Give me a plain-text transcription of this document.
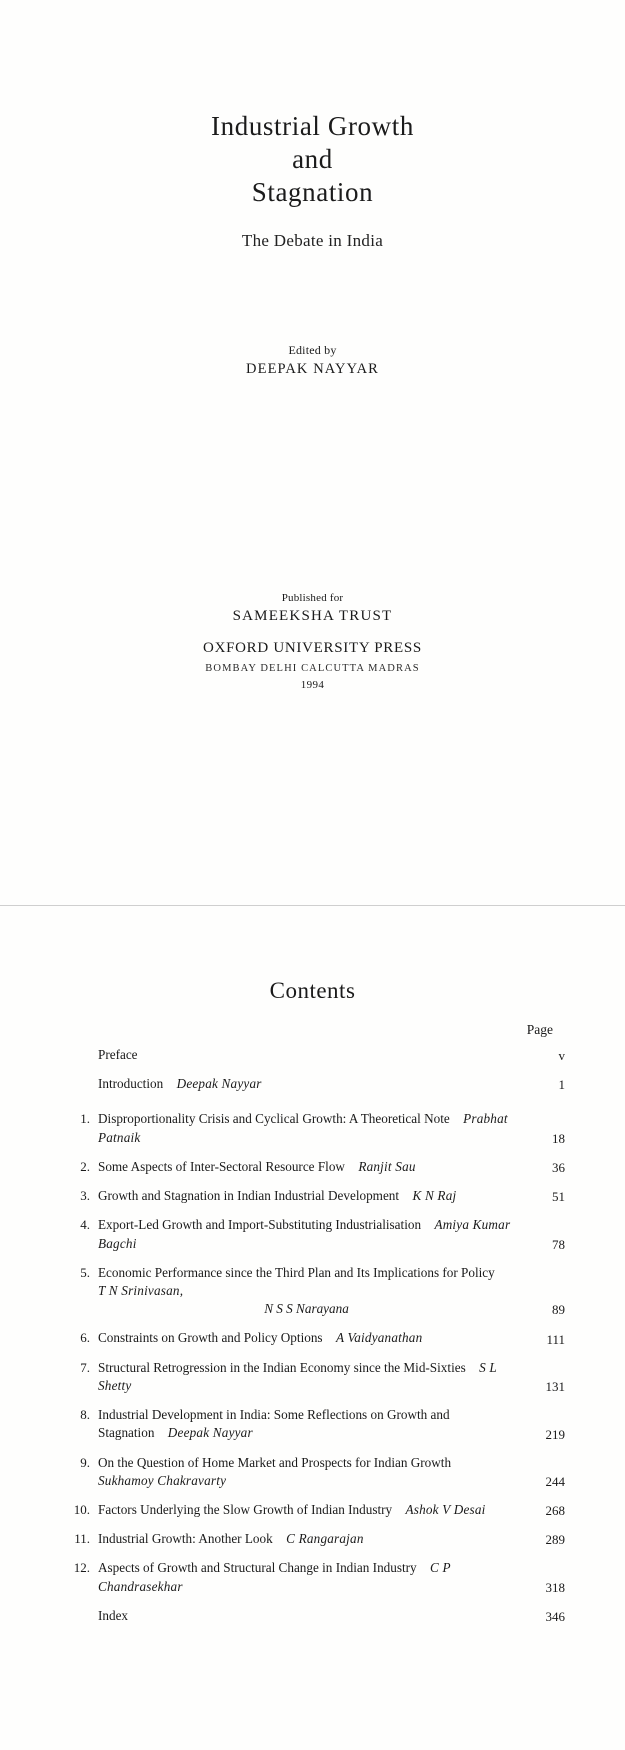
Industrial Growth
and
Stagnation
The Debate in India
Edited by
DEEPAK NAYYAR
Published for
SAMEEKSHA TRUST
OXFORD UNIVERSITY PRESS
BOMBAY DELHI CALCUTTA MADRAS
1994
Contents
Page
Preface	v
Introduction Deepak Nayyar	1
1. Disproportionality Crisis and Cyclical Growth: A Theoretical Note Prabhat Patnaik	18
2. Some Aspects of Inter-Sectoral Resource Flow Ranjit Sau	36
3. Growth and Stagnation in Indian Industrial Development K N Raj	51
4. Export-Led Growth and Import-Substituting Industrialisation Amiya Kumar Bagchi	78
5. Economic Performance since the Third Plan and Its Implications for Policy T N Srinivasan,
N S S Narayana	89
6. Constraints on Growth and Policy Options A Vaidyanathan	111
7. Structural Retrogression in the Indian Economy since the Mid-Sixties S L Shetty	131
8. Industrial Development in India: Some Reflections on Growth and Stagnation Deepak Nayyar	219
9. On the Question of Home Market and Prospects for Indian Growth Sukhamoy Chakravarty	244
10. Factors Underlying the Slow Growth of Indian Industry Ashok V Desai	268
11. Industrial Growth: Another Look C Rangarajan	289
12. Aspects of Growth and Structural Change in Indian Industry C P Chandrasekhar	318
Index	346
